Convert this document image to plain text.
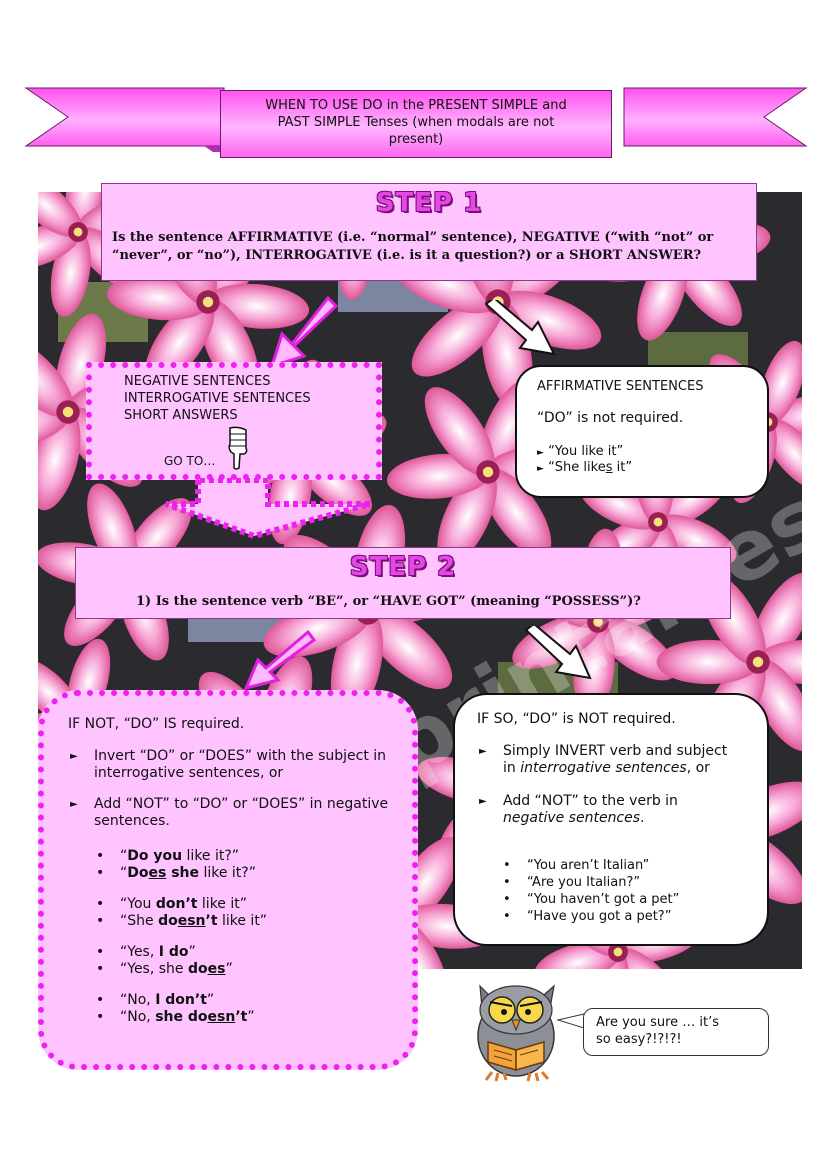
WHEN TO USE DO in the PRESENT SIMPLE and
PAST SIMPLE Tenses (when modals are not
present)
STEP 1
Is the sentence AFFIRMATIVE (i.e. “normal” sentence), NEGATIVE (“with “not” or
“never”, or “no”), INTERROGATIVE (i.e. is it a question?) or a SHORT ANSWER?
NEGATIVE SENTENCES
INTERROGATIVE SENTENCES
SHORT ANSWERS
GO TO…
AFFIRMATIVE SENTENCES
“DO” is not required.
► “You like it”
► “She likes it”
STEP 2
1) Is the sentence verb “BE”, or “HAVE GOT” (meaning “POSSESS”)?
IF NOT, “DO” IS required.
► Invert “DO” or “DOES” with the subject in interrogative sentences, or
► Add “NOT” to “DO” or “DOES” in negative sentences.
• “Do you like it?”
• “Does she like it?”
• “You don’t like it”
• “She doesn’t like it”
• “Yes, I do”
• “Yes, she does”
• “No, I don’t”
• “No, she doesn’t”
IF SO, “DO” is NOT required.
► Simply INVERT verb and subject in interrogative sentences, or
► Add “NOT” to the verb in negative sentences.
• “You aren’t Italian”
• “Are you Italian?”
• “You haven’t got a pet”
• “Have you got a pet?”
Are you sure … it’s
so easy?!?!?!
